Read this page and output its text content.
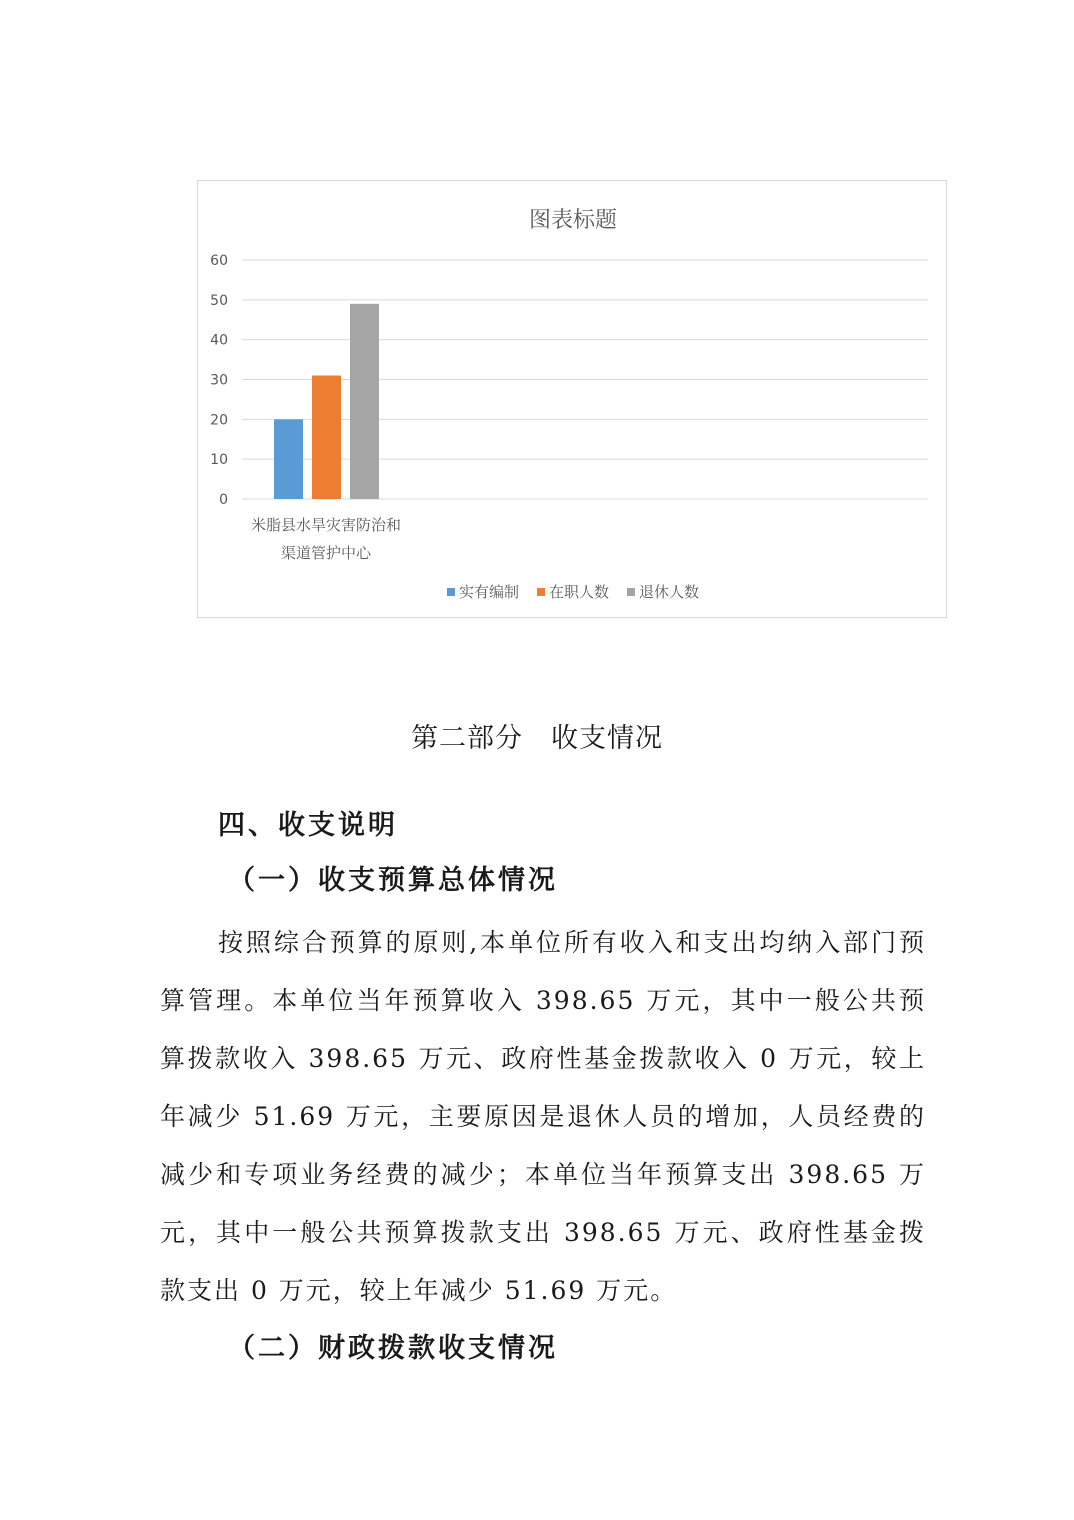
60
50
40
30
20
10
0
图表标题
米脂县水旱灾害防治和
渠道管护中心
实有编制 在职人数 退休人数
第二部分　收支情况
四、收支说明
（一）收支预算总体情况

按照综合预算的原则,本单位所有收入和支出均纳入部门预算管理。本单位当年预算收入 398.65 万元，其中一般公共预算拨款收入 398.65 万元、政府性基金拨款收入 0 万元，较上年减少 51.69 万元，主要原因是退休人员的增加，人员经费的减少和专项业务经费的减少；本单位当年预算支出 398.65 万元，其中一般公共预算拨款支出 398.65 万元、政府性基金拨款支出 0 万元，较上年减少 51.69 万元。

（二）财政拨款收支情况
